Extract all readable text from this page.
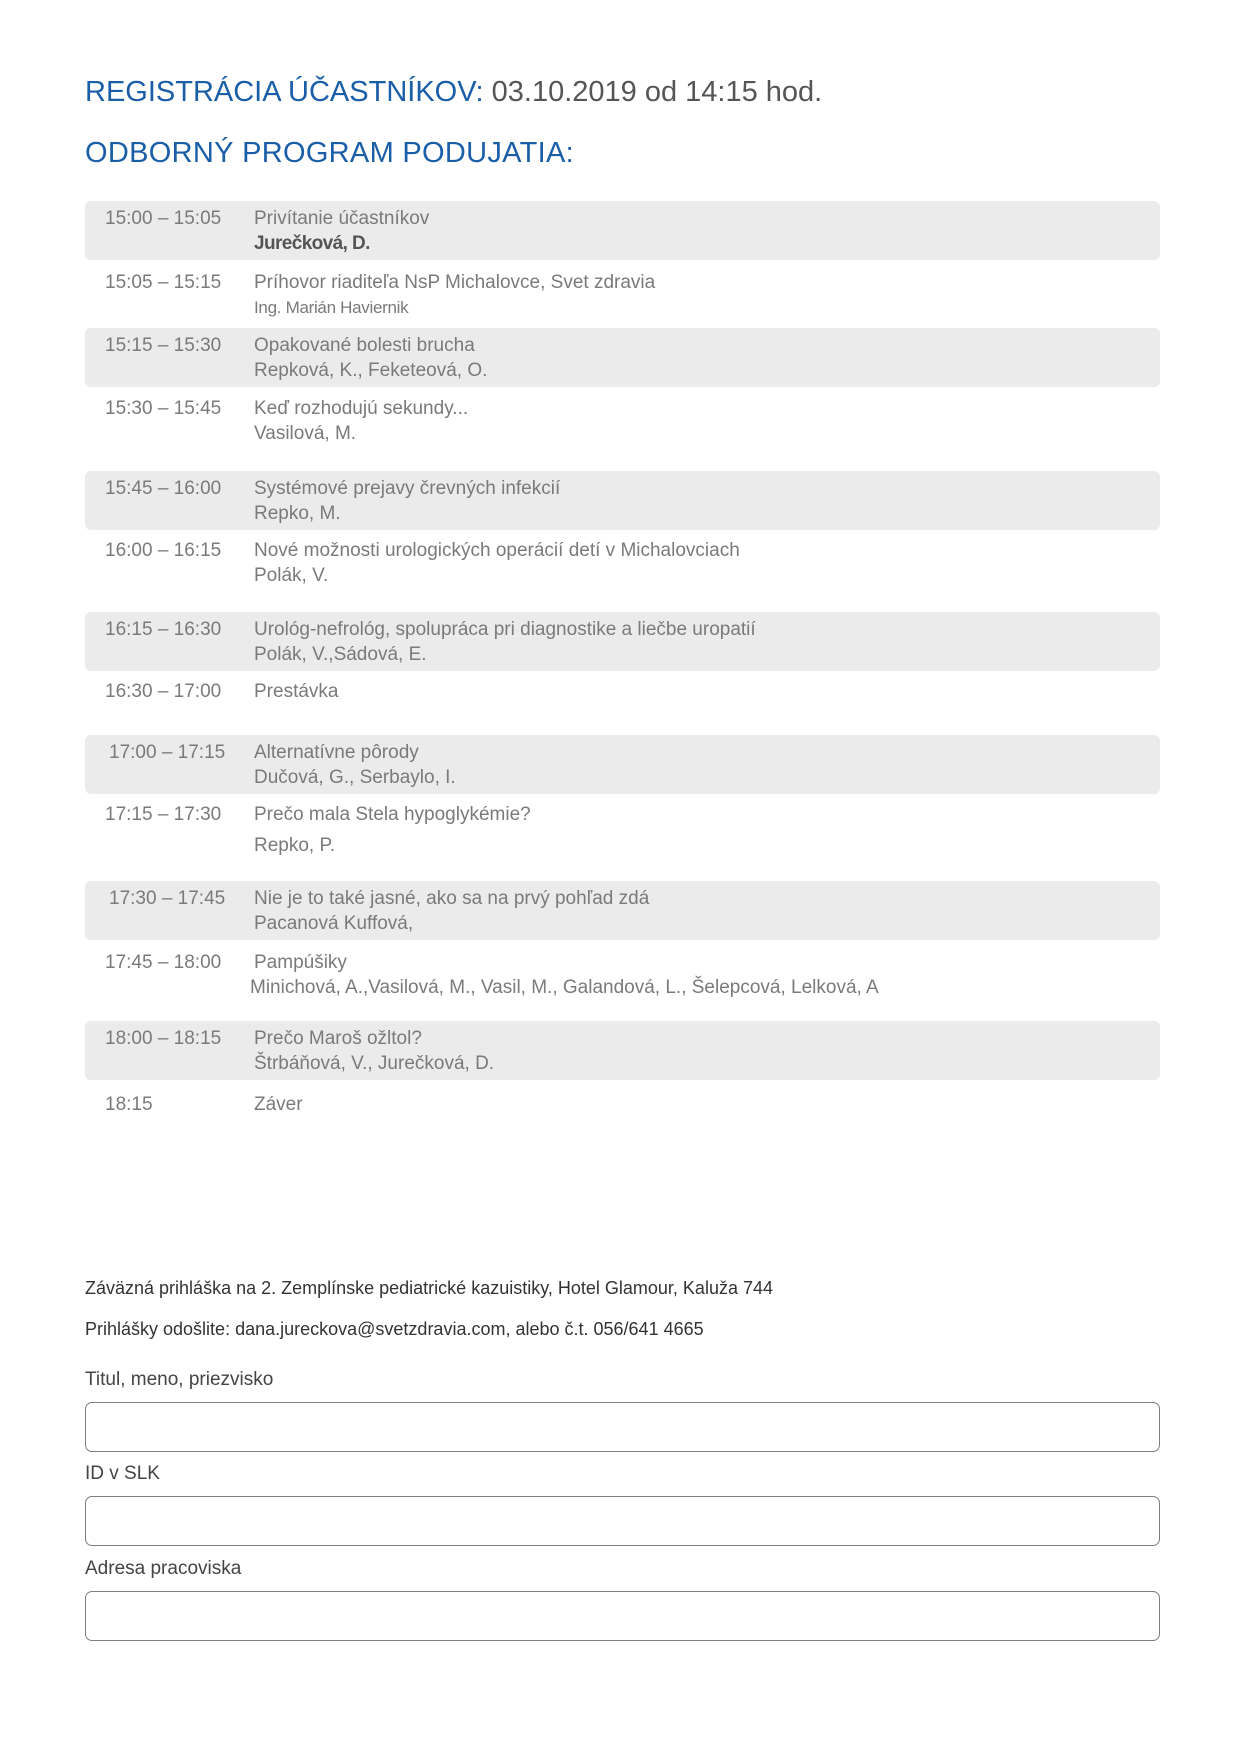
REGISTRÁCIA ÚČASTNÍKOV: 03.10.2019 od 14:15 hod.
ODBORNÝ PROGRAM PODUJATIA:
15:00 – 15:05 Privítanie účastníkov
Jurečková, D.
15:05 – 15:15 Príhovor riaditeľa NsP Michalovce, Svet zdravia
Ing. Marián Haviernik
15:15 – 15:30 Opakované bolesti brucha
Repková, K., Feketeová, O.
15:30 – 15:45 Keď rozhodujú sekundy...
Vasilová, M.
15:45 – 16:00 Systémové prejavy črevných infekcií
Repko, M.
16:00 – 16:15 Nové možnosti urologických operácií detí v Michalovciach
Polák, V.
16:15 – 16:30 Urológ-nefrológ, spolupráca pri diagnostike a liečbe uropatií
Polák, V.,Sádová, E.
16:30 – 17:00 Prestávka
17:00 – 17:15 Alternatívne pôrody
Dučová, G., Serbaylo, I.
17:15 – 17:30 Prečo mala Stela hypoglykémie?
Repko, P.
17:30 – 17:45 Nie je to také jasné, ako sa na prvý pohľad zdá
Pacanová Kuffová,
17:45 – 18:00 Pampúšiky
Minichová, A.,Vasilová, M., Vasil, M., Galandová, L., Šelepcová, Lelková, A
18:00 – 18:15 Prečo Maroš ožltol?
Štrbáňová, V., Jurečková, D.
18:15	Záver
Záväzná prihláška na 2. Zemplínske pediatrické kazuistiky, Hotel Glamour, Kaluža 744
Prihlášky odošlite: dana.jureckova@svetzdravia.com, alebo č.t. 056/641 4665
Titul, meno, priezvisko
ID v SLK
Adresa pracoviska
